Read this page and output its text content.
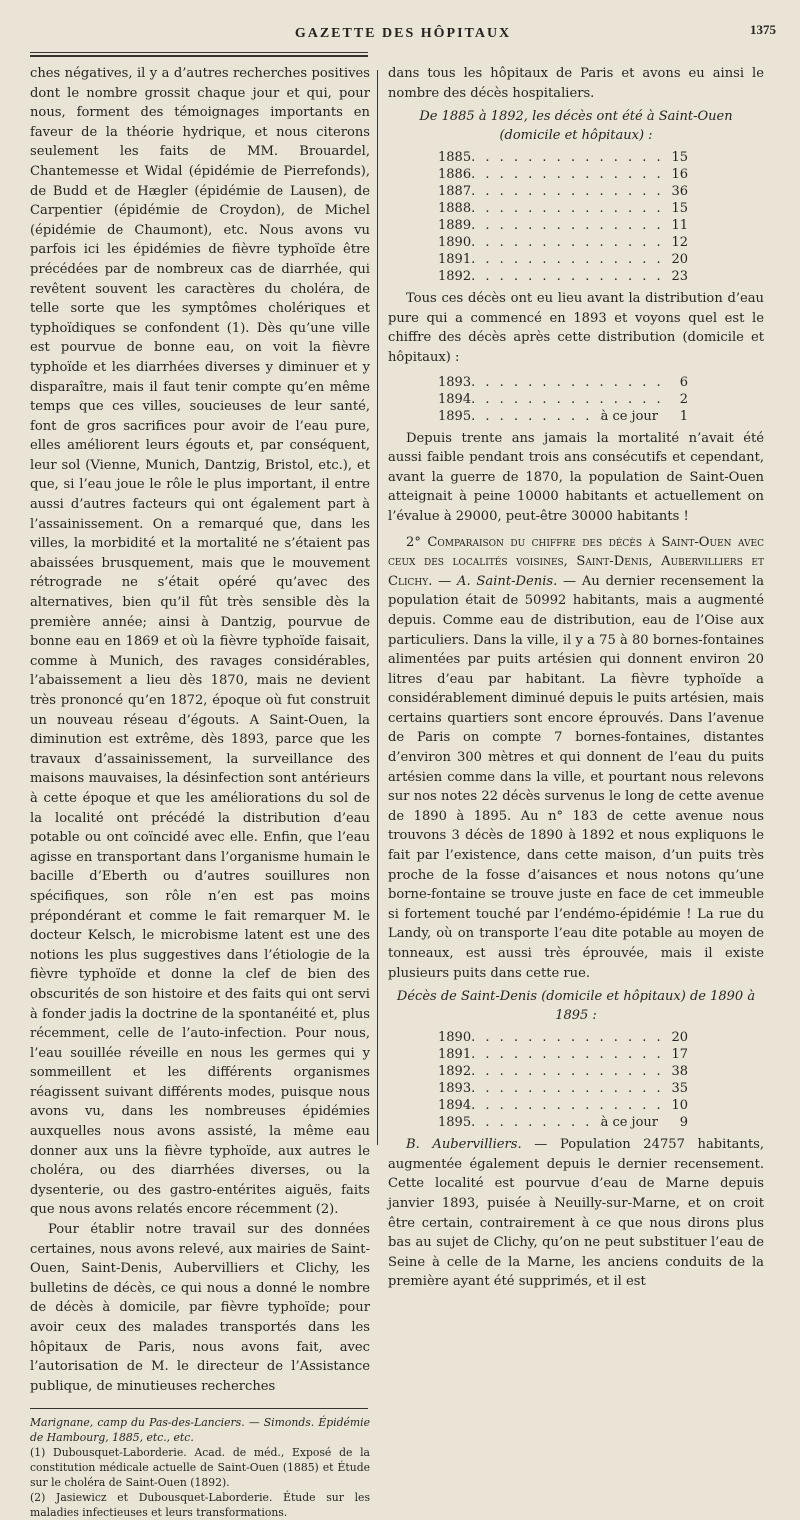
GAZETTE DES HÔPITAUX	1375

ches négatives, il y a d’autres recherches positives dont le nombre grossit chaque jour et qui, pour nous, forment des témoignages importants en faveur de la théorie hydrique, et nous citerons seulement les faits de MM. Brouardel, Chantemesse et Widal (épidémie de Pierrefonds), de Budd et de Hægler (épidémie de Lausen), de Carpentier (épidémie de Croydon), de Michel (épidémie de Chaumont), etc. Nous avons vu parfois ici les épidémies de fièvre typhoïde être précédées par de nombreux cas de diarrhée, qui revêtent souvent les caractères du choléra, de telle sorte que les symptômes cholériques et typhoïdiques se confondent (1). Dès qu’une ville est pourvue de bonne eau, on voit la fièvre typhoïde et les diarrhées diverses y diminuer et y disparaître, mais il faut tenir compte qu’en même temps que ces villes, soucieuses de leur santé, font de gros sacrifices pour avoir de l’eau pure, elles améliorent leurs égouts et, par conséquent, leur sol (Vienne, Munich, Dantzig, Bristol, etc.), et que, si l’eau joue le rôle le plus important, il entre aussi d’autres facteurs qui ont également part à l’assainissement. On a remarqué que, dans les villes, la morbidité et la mortalité ne s’étaient pas abaissées brusquement, mais que le mouvement rétrograde ne s’était opéré qu’avec des alternatives, bien qu’il fût très sensible dès la première année; ainsi à Dantzig, pourvue de bonne eau en 1869 et où la fièvre typhoïde faisait, comme à Munich, des ravages considérables, l’abaissement a lieu dès 1870, mais ne devient très prononcé qu’en 1872, époque où fut construit un nouveau réseau d’égouts. A Saint-Ouen, la diminution est extrême, dès 1893, parce que les travaux d’assainissement, la surveillance des maisons mauvaises, la désinfection sont antérieurs à cette époque et que les améliorations du sol de la localité ont précédé la distribution d’eau potable ou ont coïncidé avec elle. Enfin, que l’eau agisse en transportant dans l’organisme humain le bacille d’Eberth ou d’autres souillures non spécifiques, son rôle n’en est pas moins prépondérant et comme le fait remarquer M. le docteur Kelsch, le microbisme latent est une des notions les plus suggestives dans l’étiologie de la fièvre typhoïde et donne la clef de bien des obscurités de son histoire et des faits qui ont servi à fonder jadis la doctrine de la spontanéité et, plus récemment, celle de l’auto-infection. Pour nous, l’eau souillée réveille en nous les germes qui y sommeillent et les différents organismes réagissent suivant différents modes, puisque nous avons vu, dans les nombreuses épidémies auxquelles nous avons assisté, la même eau donner aux uns la fièvre typhoïde, aux autres le choléra, ou des diarrhées diverses, ou la dysenterie, ou des gastro-entérites aiguës, faits que nous avons relatés encore récemment (2).

Pour établir notre travail sur des données certaines, nous avons relevé, aux mairies de Saint-Ouen, Saint-Denis, Aubervilliers et Clichy, les bulletins de décès, ce qui nous a donné le nombre de décès à domicile, par fièvre typhoïde; pour avoir ceux des malades transportés dans les hôpitaux de Paris, nous avons fait, avec l’autorisation de M. le directeur de l’Assistance publique, de minutieuses recherches

Marignane, camp du Pas-des-Lanciers. — Simonds. Épidémie de Hambourg, 1885, etc., etc.

(1) Dubousquet-Laborderie. Acad. de méd., Exposé de la constitution médicale actuelle de Saint-Ouen (1885) et Étude sur le choléra de Saint-Ouen (1892).

(2) Jasiewicz et Dubousquet-Laborderie. Étude sur les maladies infectieuses et leurs transformations.

dans tous les hôpitaux de Paris et avons eu ainsi le nombre des décès hospitaliers.

De 1885 à 1892, les décès ont été à Saint-Ouen (domicile et hôpitaux) :
1885 . . .	15
1886 . . .	16
1887 . . .	36
1888 . . .	15
1889 . . .	11
1890 . . .	12
1891 . . .	20
1892 . . .	23

Tous ces décès ont eu lieu avant la distribution d’eau pure qui a commencé en 1893 et voyons quel est le chiffre des décès après cette distribution (domicile et hôpitaux) :

1893 . . .	6
1894 . . .	2
1895 . . .	à ce jour	1

Depuis trente ans jamais la mortalité n’avait été aussi faible pendant trois ans consécutifs et cependant, avant la guerre de 1870, la population de Saint-Ouen atteignait à peine 10000 habitants et actuellement on l’évalue à 29000, peut-être 30000 habitants !

2° Comparaison du chiffre des décès à Saint-Ouen avec ceux des localités voisines, Saint-Denis, Aubervilliers et Clichy. — A. Saint-Denis. — Au dernier recensement la population était de 50992 habitants, mais a augmenté depuis. Comme eau de distribution, eau de l’Oise aux particuliers. Dans la ville, il y a 75 à 80 bornes-fontaines alimentées par puits artésien qui donnent environ 20 litres d’eau par habitant. La fièvre typhoïde a considérablement diminué depuis le puits artésien, mais certains quartiers sont encore éprouvés. Dans l’avenue de Paris on compte 7 bornes-fontaines, distantes d’environ 300 mètres et qui donnent de l’eau du puits artésien comme dans la ville, et pourtant nous relevons sur nos notes 22 décès survenus le long de cette avenue de 1890 à 1895. Au n° 183 de cette avenue nous trouvons 3 décès de 1890 à 1892 et nous expliquons le fait par l’existence, dans cette maison, d’un puits très proche de la fosse d’aisances et nous notons qu’une borne-fontaine se trouve juste en face de cet immeuble si fortement touché par l’endémo-épidémie ! La rue du Landy, où on transporte l’eau dite potable au moyen de tonneaux, est aussi très éprouvée, mais il existe plusieurs puits dans cette rue.

Décès de Saint-Denis (domicile et hôpitaux) de 1890 à 1895 :
1890 . . .	20
1891 . . .	17
1892 . . .	38
1893 . . .	35
1894 . . .	10
1895 . . .	à ce jour	9

B. Aubervilliers. — Population 24757 habitants, augmentée également depuis le dernier recensement. Cette localité est pourvue d’eau de Marne depuis janvier 1893, puisée à Neuilly-sur-Marne, et on croit être certain, contrairement à ce que nous dirons plus bas au sujet de Clichy, qu’on ne peut substituer l’eau de Seine à celle de la Marne, les anciens conduits de la première ayant été supprimés, et il est
